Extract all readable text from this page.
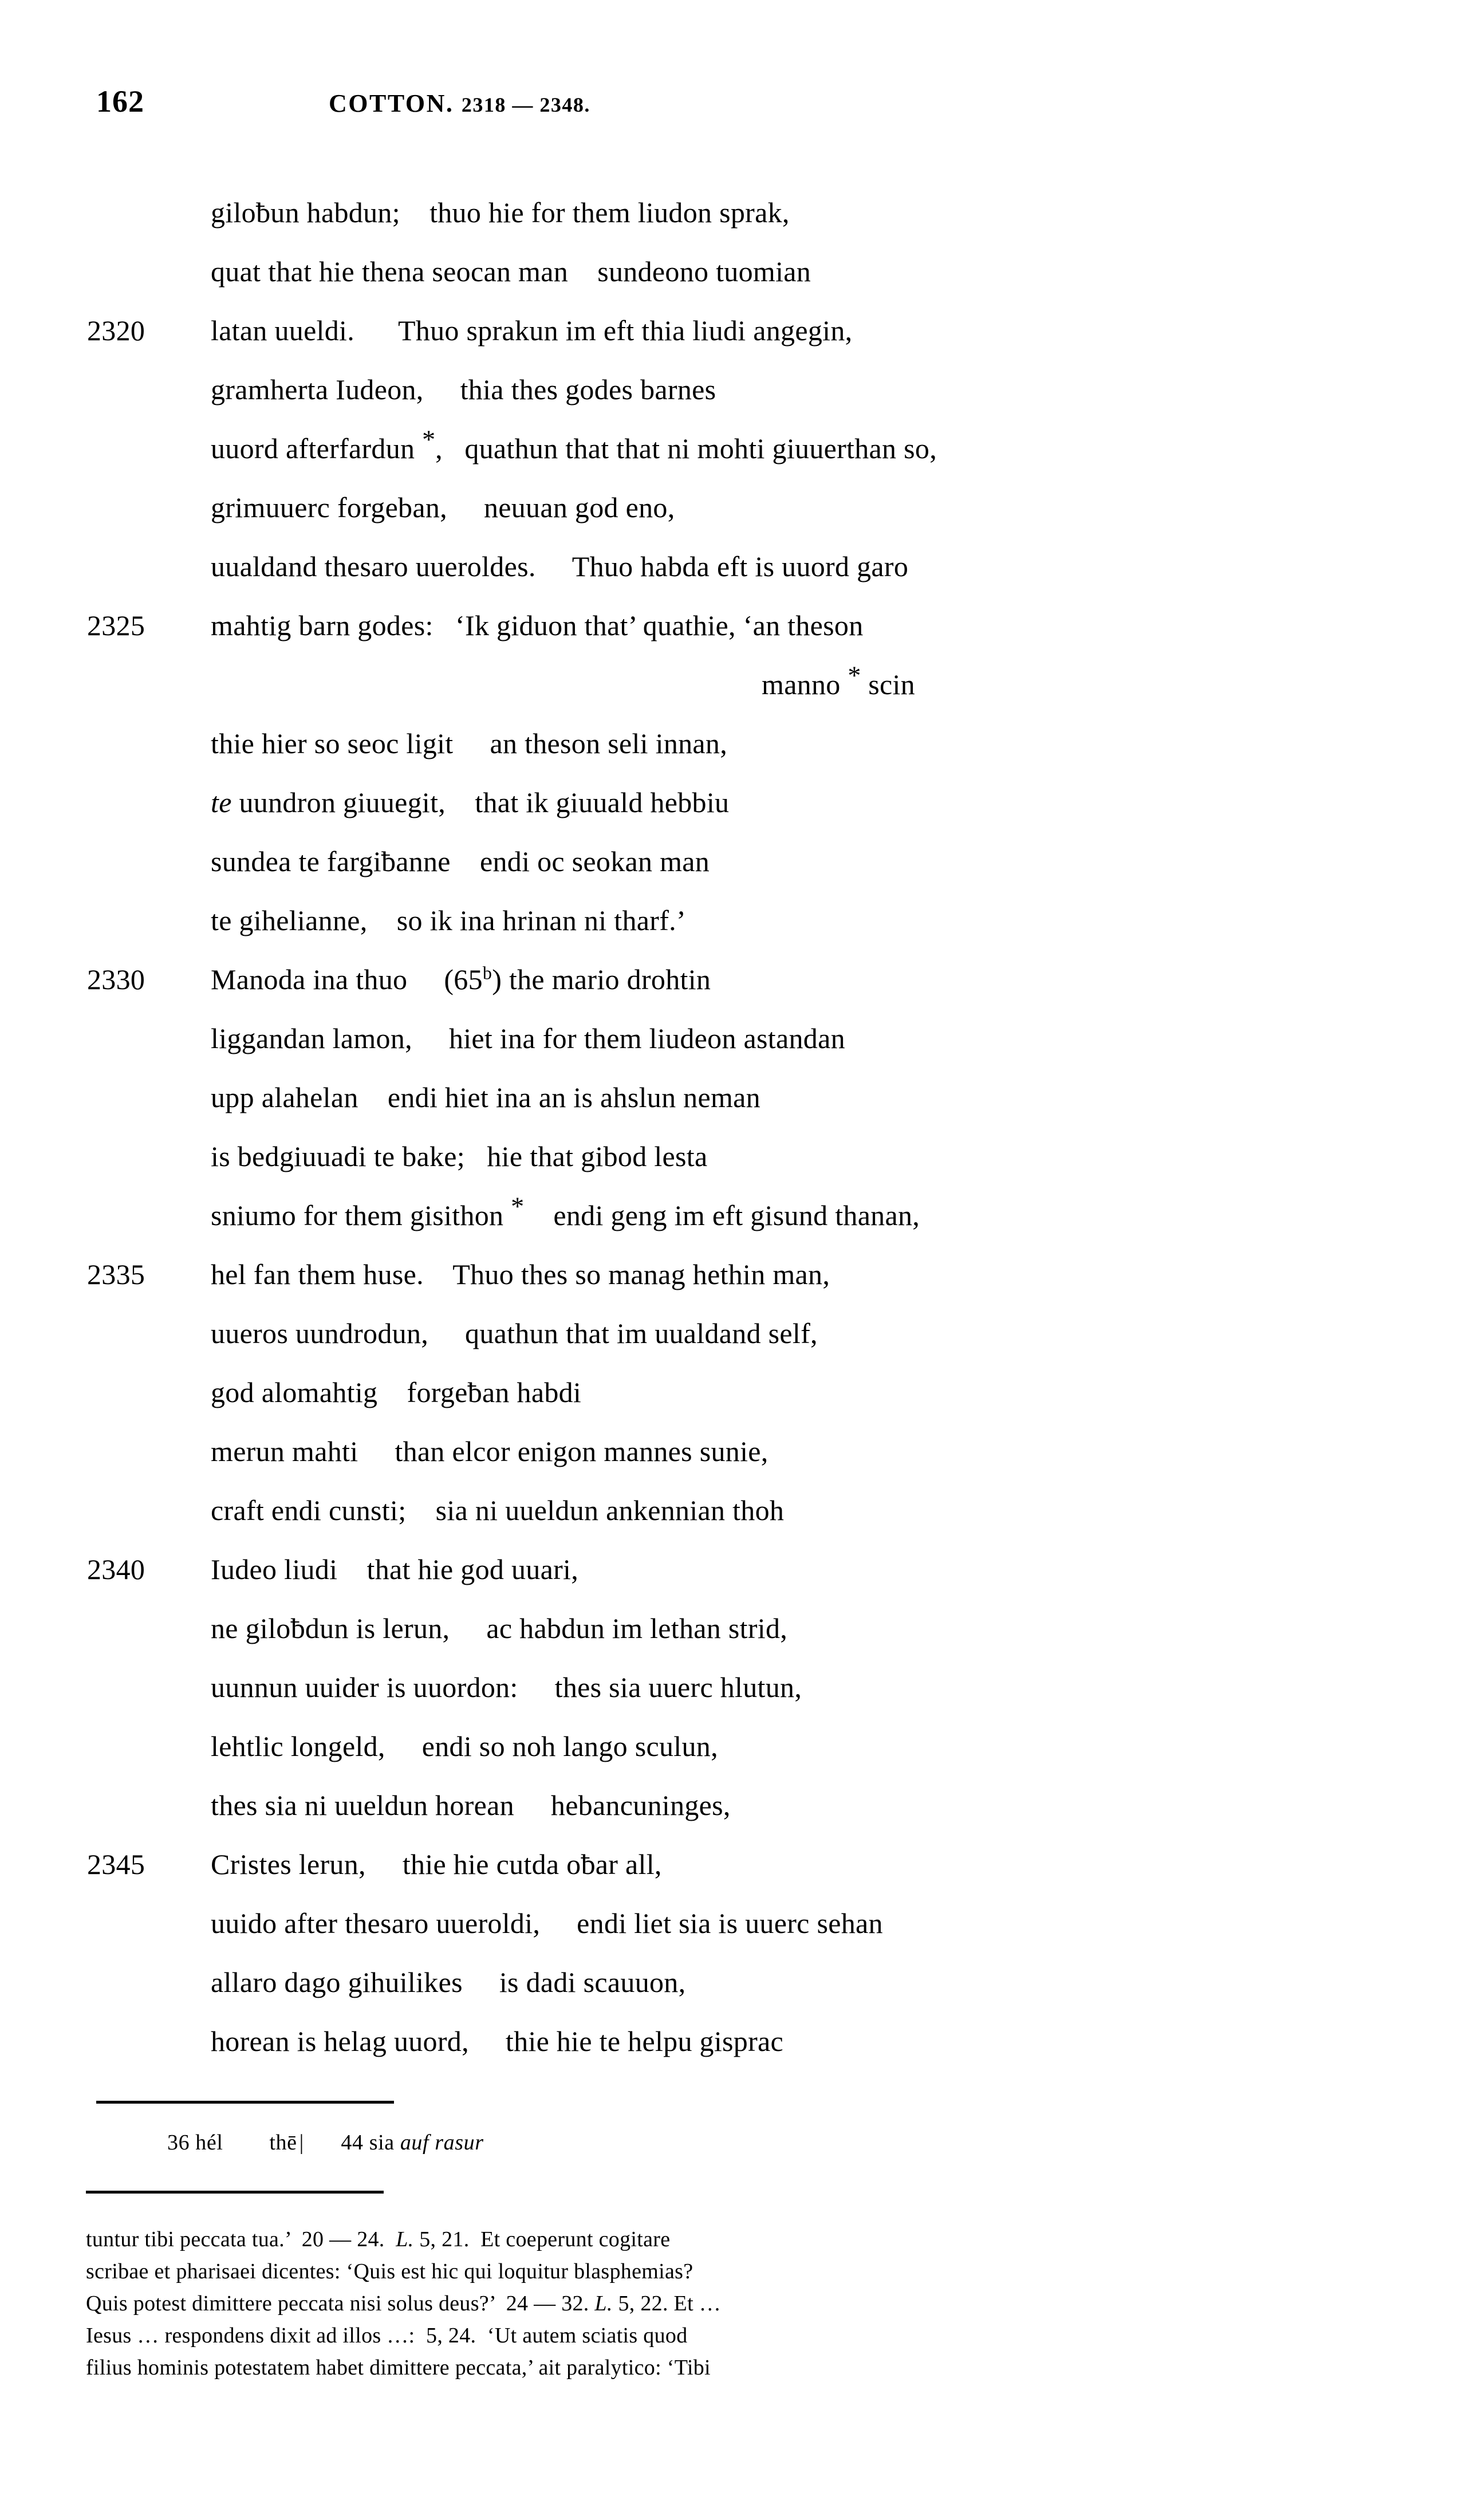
162	COTTON. 2318 — 2348.
giloƀun habdun;    thuo hie for them liudon sprak,
quat that hie thena seocan man    sundeono tuomian
2320	latan uueldi.      Thuo sprakun im eft thia liudi angegin,
gramherta Iudeon,     thia thes godes barnes
uuord afterfardun *,   quathun that that ni mohti giuuerthan so,
grimuuerc forgeban,     neuuan god eno,
uualdand thesaro uueroldes.     Thuo habda eft is uuord garo
2325	mahtig barn godes:   ‘Ik giduon that’ quathie, ‘an theson
manno * scin
thie hier so seoc ligit     an theson seli innan,
te uundron giuuegit,    that ik giuuald hebbiu
sundea te fargiƀanne    endi oc seokan man
te gihelianne,    so ik ina hrinan ni tharf.’
2330	Manoda ina thuo     (65$^b$) the mario drohtin
liggandan lamon,     hiet ina for them liudeon astandan
upp alahelan    endi hiet ina an is ahslun neman
is bedgiuuadi te bake;   hie that gibod lesta
sniumo for them gisithon *    endi geng im eft gisund thanan,
2335	hel fan them huse.    Thuo thes so manag hethin man,
uueros uundrodun,     quathun that im uualdand self,
god alomahtig    forgeƀan habdi
merun mahti     than elcor enigon mannes sunie,
craft endi cunsti;    sia ni uueldun ankennian thoh
2340	Iudeo liudi    that hie god uuari,
ne giloƀdun is lerun,     ac habdun im lethan strid,
uunnun uuider is uuordon:     thes sia uuerc hlutun,
lehtlic longeld,     endi so noh lango sculun,
thes sia ni uueldun horean     hebancuninges,
2345	Cristes lerun,     thie hie cutda oƀar all,
uuido after thesaro uueroldi,     endi liet sia is uuerc sehan
allaro dago gihuilikes     is dadi scauuon,
horean is helag uuord,     thie hie te helpu gisprac
36 hél thē | 44 sia auf rasur
tuntur tibi peccata tua.’  20 — 24.  L. 5, 21.  Et coeperunt cogitare
scribae et pharisaei dicentes: ‘Quis est hic qui loquitur blasphemias?
Quis potest dimittere peccata nisi solus deus?’  24 — 32. L. 5, 22. Et …
Iesus … respondens dixit ad illos …:  5, 24.  ‘Ut autem sciatis quod
filius hominis potestatem habet dimittere peccata,’ ait paralytico: ‘Tibi
